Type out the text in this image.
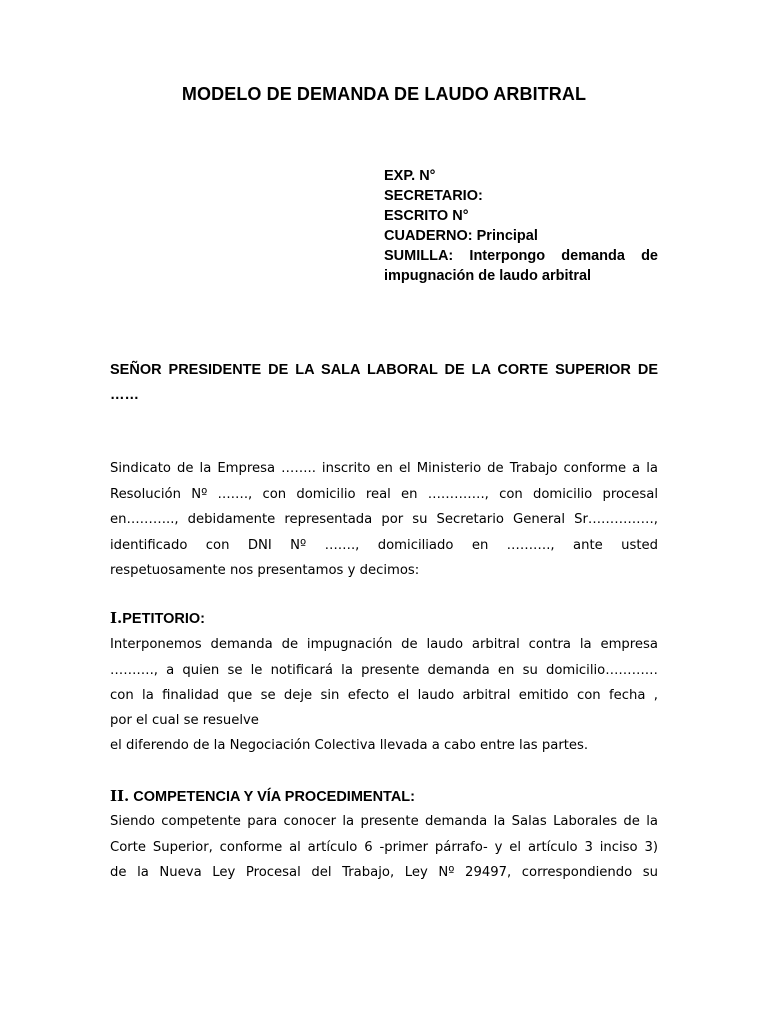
MODELO DE DEMANDA DE LAUDO ARBITRAL
EXP. N°
SECRETARIO:
ESCRITO N°
CUADERNO: Principal
SUMILLA: Interpongo demanda de impugnación de laudo arbitral
SEÑOR PRESIDENTE DE LA SALA LABORAL DE LA CORTE SUPERIOR DE ……
Sindicato de la Empresa …….. inscrito en el Ministerio de Trabajo conforme a la
Resolución Nº ……., con domicilio real en …………., con domicilio procesal
en……….., debidamente representada por su Secretario General Sr……………,
identificado con DNI Nº ……., domiciliado en ………., ante usted
respetuosamente nos presentamos y decimos:
I.PETITORIO:
Interponemos demanda de impugnación de laudo arbitral contra la empresa
………., a quien se le notificará la presente demanda en su domicilio…………
con la finalidad que se deje sin efecto el laudo arbitral emitido con fecha ,
por el cual se resuelve
el diferendo de la Negociación Colectiva llevada a cabo entre las partes.
II. COMPETENCIA Y VÍA PROCEDIMENTAL:
Siendo competente para conocer la presente demanda la Salas Laborales de la
Corte Superior, conforme al artículo 6 -primer párrafo- y el artículo 3 inciso 3)
de la Nueva Ley Procesal del Trabajo, Ley Nº 29497, correspondiendo su
